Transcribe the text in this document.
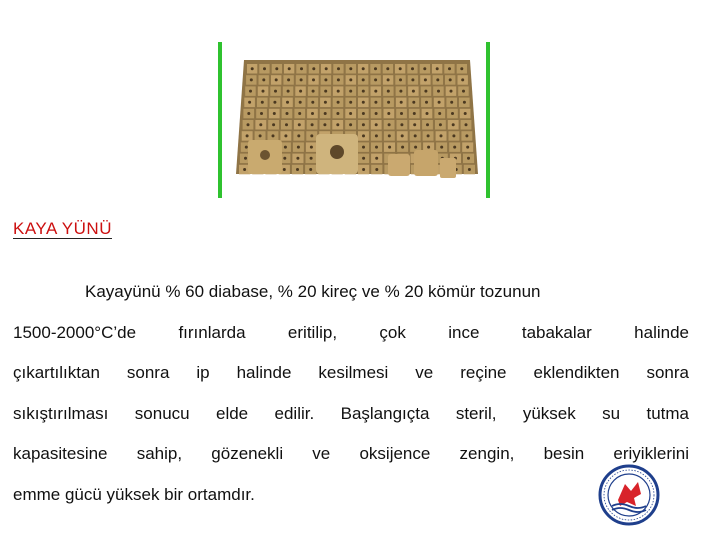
KAYA YÜNÜ
Kayayünü % 60 diabase, % 20 kireç ve % 20 kömür tozunun
1500-2000°C’de fırınlarda eritilip, çok ince tabakalar halinde
çıkartılıktan sonra ip halinde kesilmesi ve reçine eklendikten sonra
sıkıştırılması sonucu elde edilir. Başlangıçta steril, yüksek su tutma
kapasitesine sahip, gözenekli ve oksijence zengin, besin eriyiklerini
emme gücü yüksek bir ortamdır.
